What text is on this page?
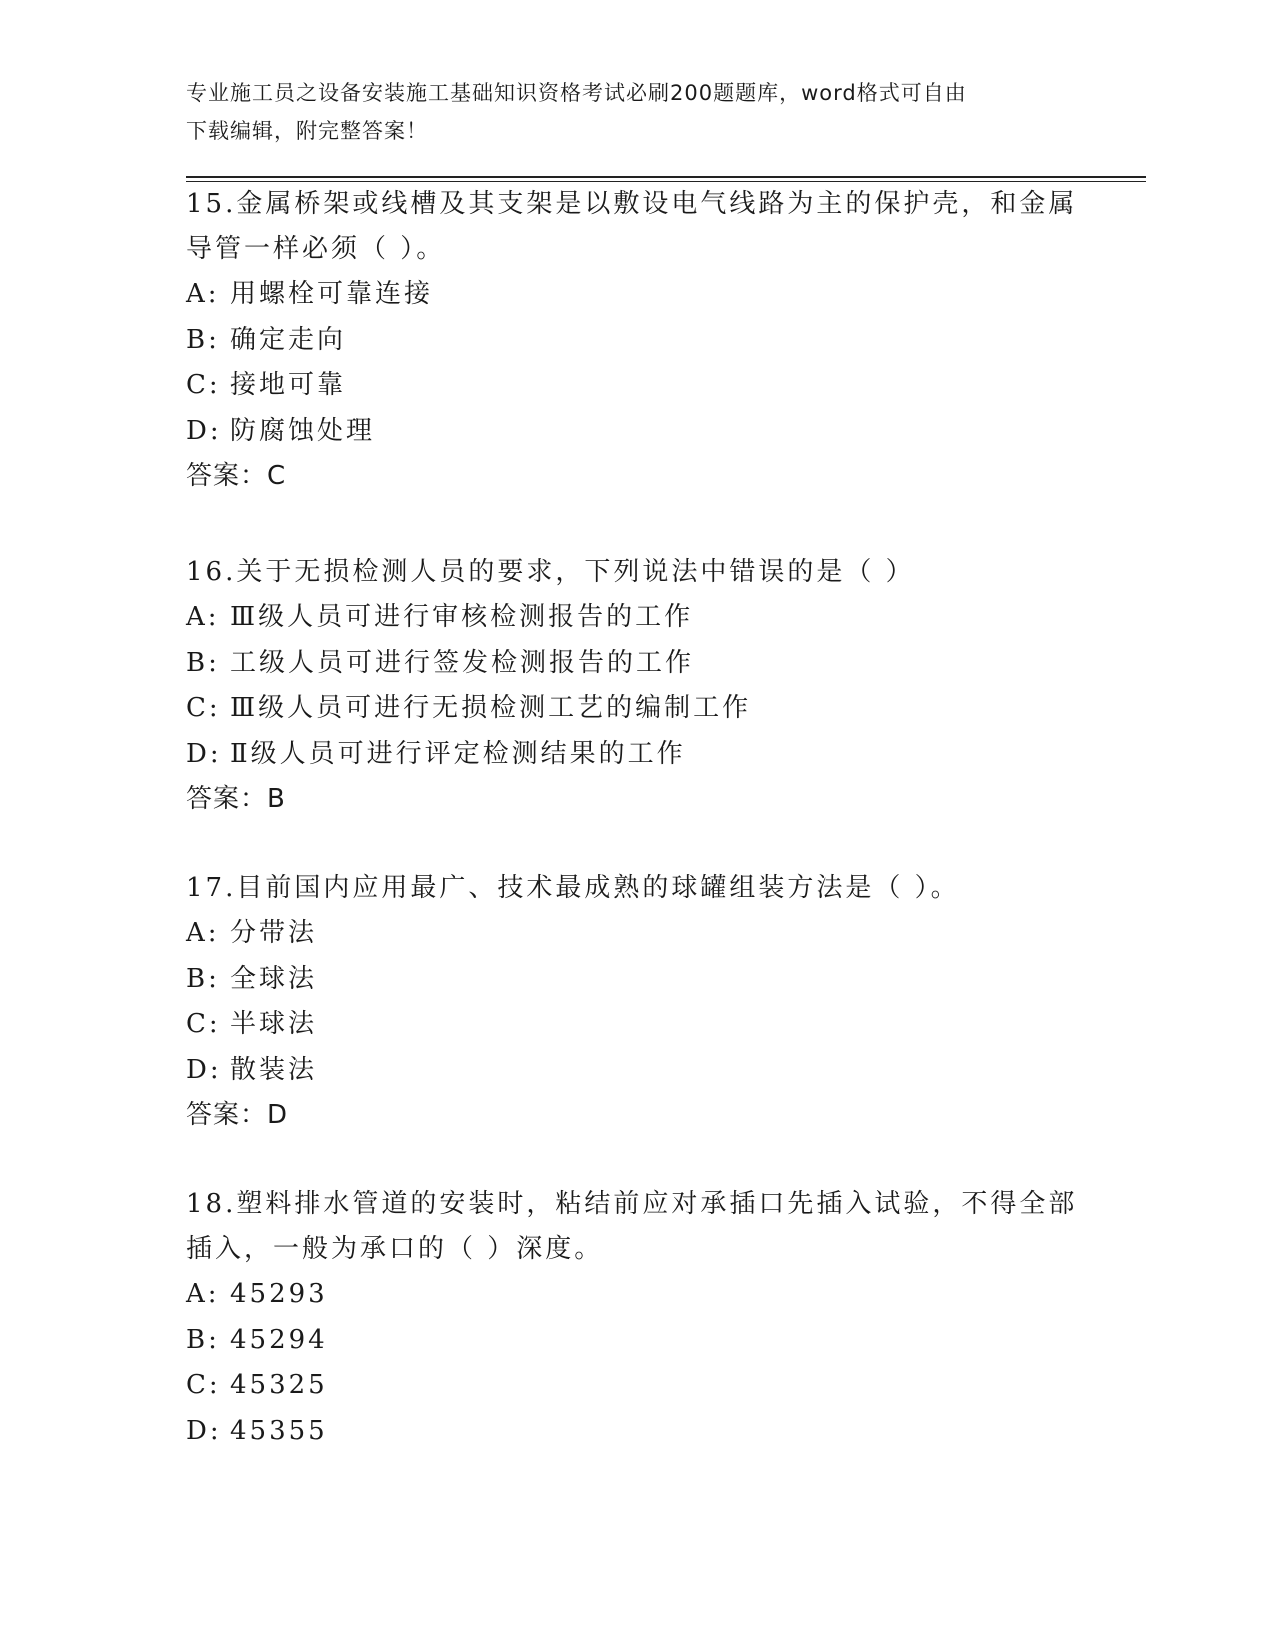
专业施工员之设备安装施工基础知识资格考试必刷200题题库，word格式可自由
下载编辑，附完整答案！
15.金属桥架或线槽及其支架是以敷设电气线路为主的保护壳，和金属
导管一样必须（ ）。
A: 用螺栓可靠连接
B: 确定走向
C: 接地可靠
D: 防腐蚀处理
答案：C
16.关于无损检测人员的要求，下列说法中错误的是（ ）
A: Ⅲ级人员可进行审核检测报告的工作
B: 工级人员可进行签发检测报告的工作
C: Ⅲ级人员可进行无损检测工艺的编制工作
D: Ⅱ级人员可进行评定检测结果的工作
答案：B
17.目前国内应用最广、技术最成熟的球罐组装方法是（ ）。
A: 分带法
B: 全球法
C: 半球法
D: 散装法
答案：D
18.塑料排水管道的安装时，粘结前应对承插口先插入试验，不得全部
插入，一般为承口的（ ）深度。
A: 45293
B: 45294
C: 45325
D: 45355
